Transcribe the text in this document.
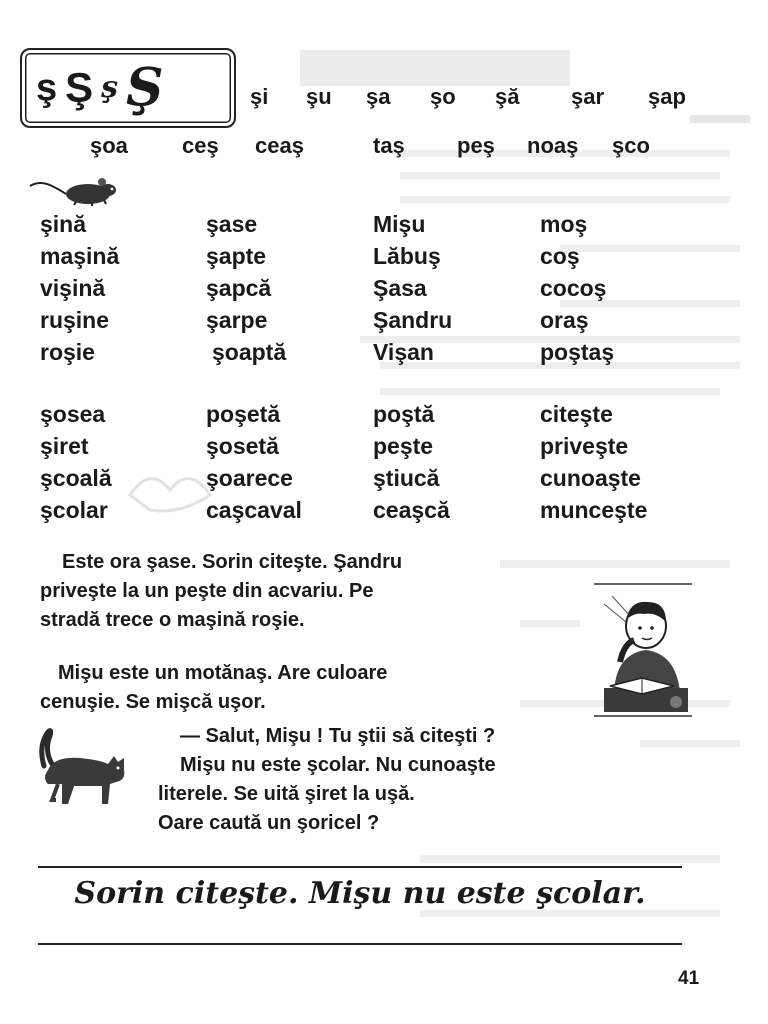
ş Ş ş Ş	şi şu şa şo şă şar şap
şoa ceş ceaş	taş peş noaş şco
şină
maşină
vişină
ruşine
roşie
şase
şapte
şapcă
şarpe
şoaptă
Mişu
Lăbuş
Şasa
Şandru
Vişan
moş
coş
cocoş
oraş
poştaş
şosea
şiret
şcoală
şcolar
poşetă
şosetă
şoarece
caşcaval
poştă
peşte
ştiucă
ceaşcă
citeşte
priveşte
cunoaşte
munceşte
Este ora şase. Sorin citeşte. Şandru
priveşte la un peşte din acvariu. Pe
stradă trece o maşină roşie.
Mişu este un motănaş. Are culoare
cenuşie. Se mişcă uşor.
— Salut, Mişu ! Tu ştii să citeşti ?
Mişu nu este şcolar. Nu cunoaşte
literele. Se uită şiret la uşă.
Oare caută un şoricel ?
Sorin citeşte. Mişu nu este şcolar.
41
